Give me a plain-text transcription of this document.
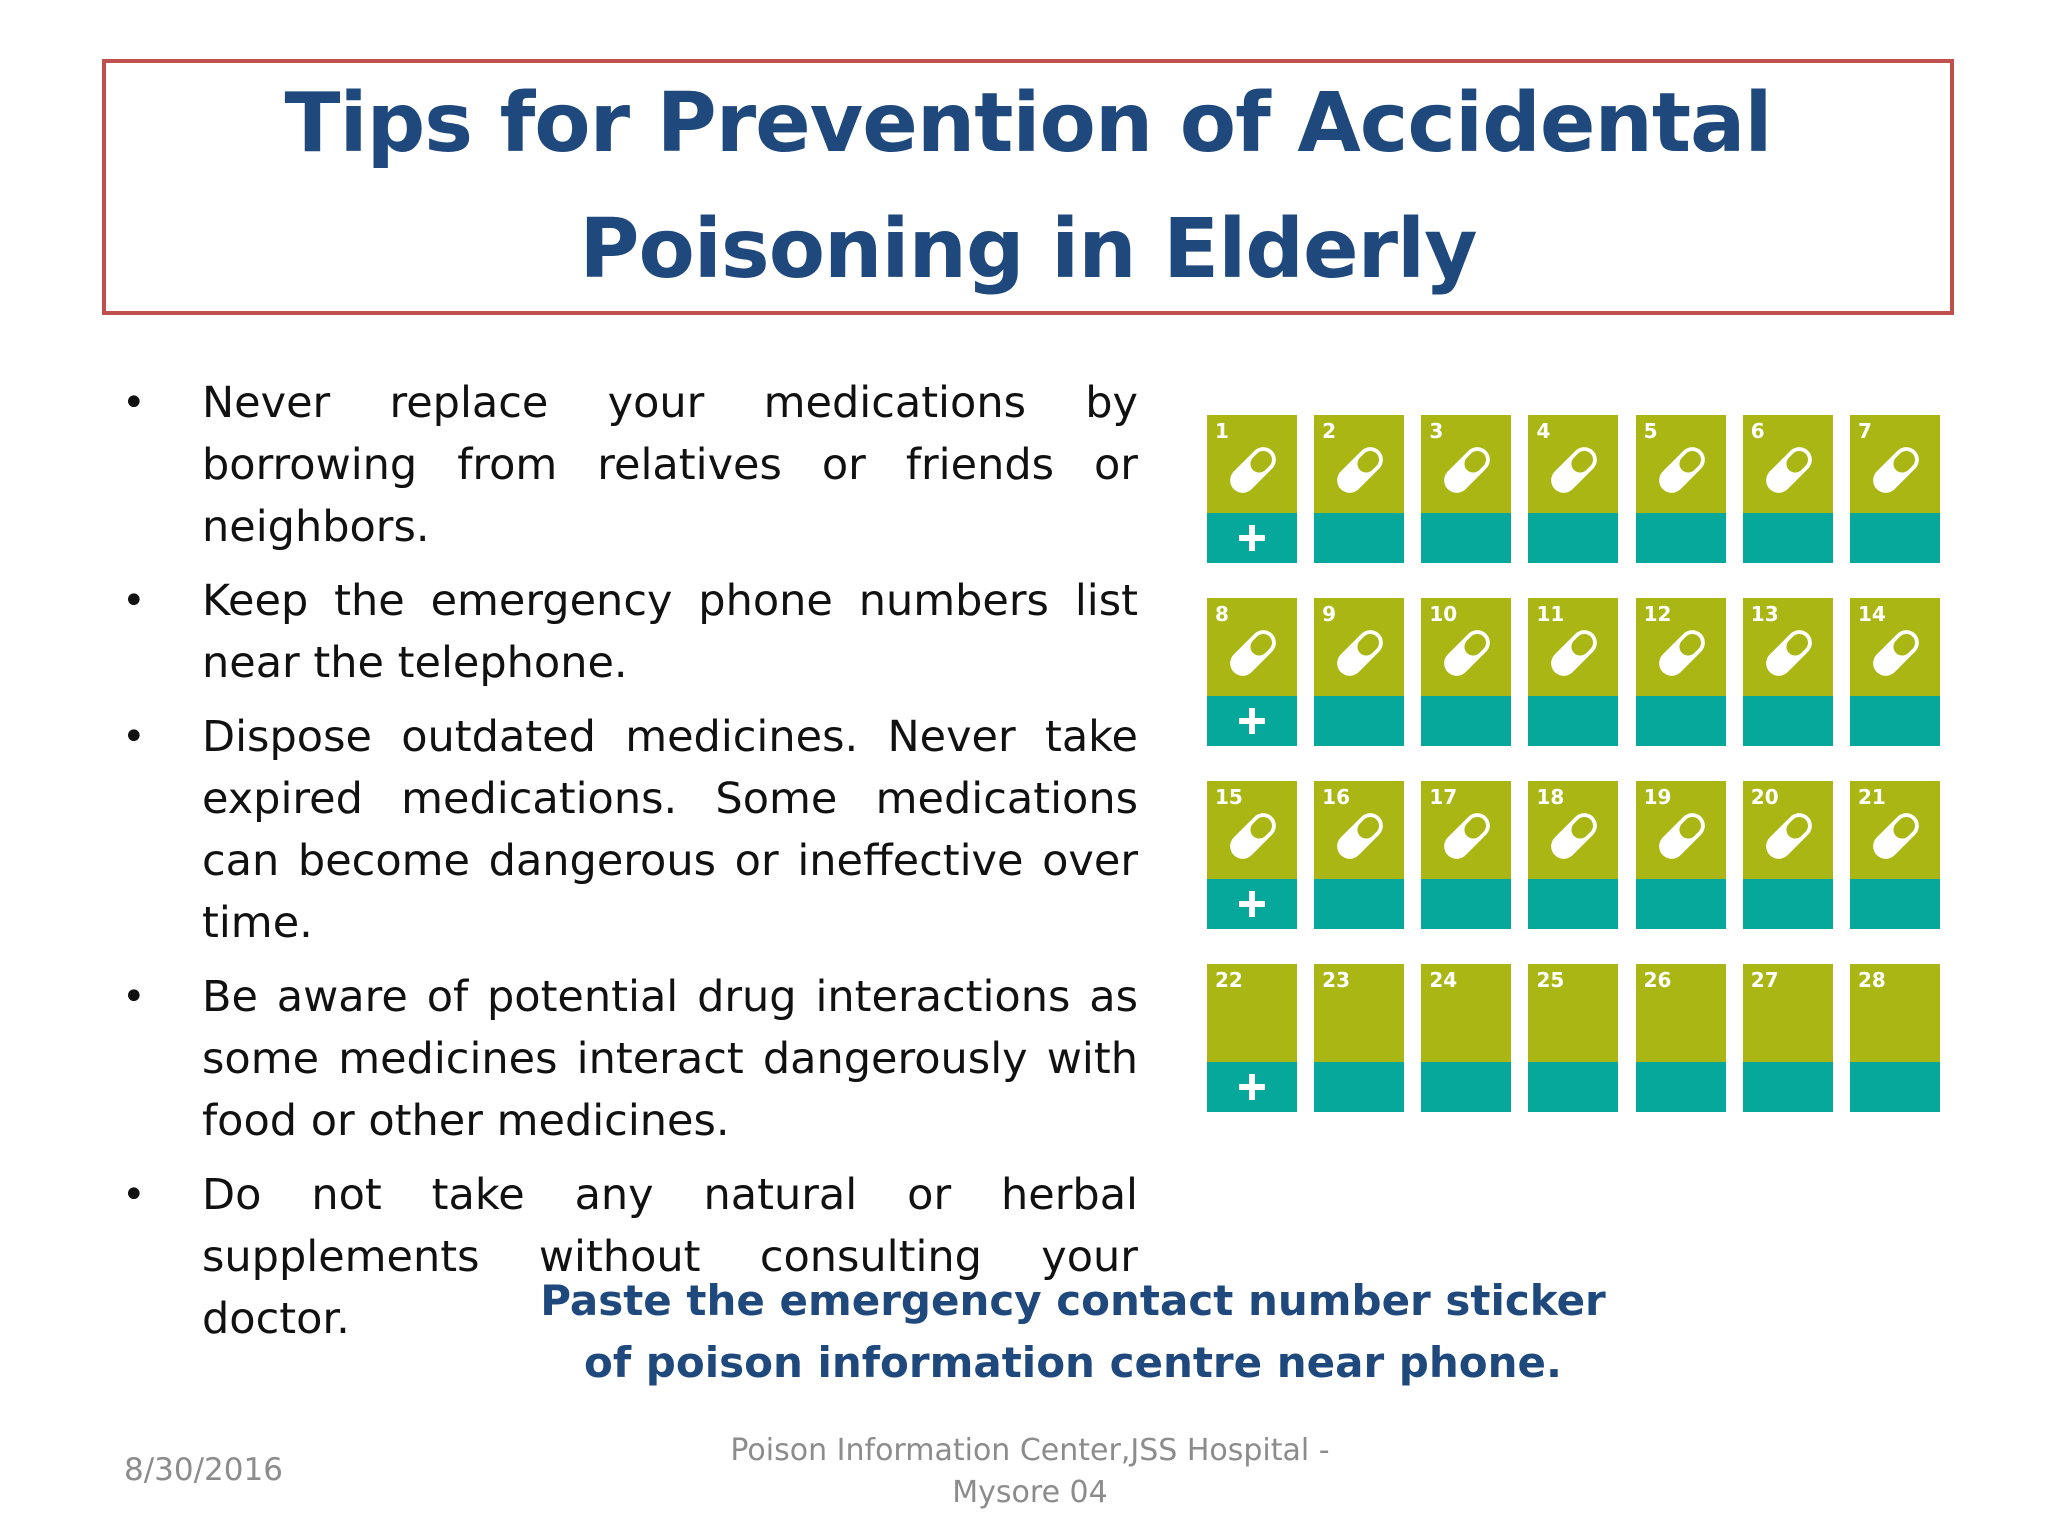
Tips for Prevention of Accidental
Poisoning in Elderly
• Never replace your medications by borrowing from relatives or friends or neighbors.
• Keep the emergency phone numbers list near the telephone.
• Dispose outdated medicines. Never take expired medications. Some medications can become dangerous or ineffective over time.
• Be aware of potential drug interactions as some medicines interact dangerously with food or other medicines.
• Do not take any natural or herbal supplements without consulting your doctor.
1	2	3	4	5	6	7
8	9	10	11	12	13	14
15	16	17	18	19	20	21
22	23	24	25	26	27	28

Paste the emergency contact number sticker
of poison information centre near phone.

8/30/2016
Poison Information Center,JSS Hospital -
Mysore 04
